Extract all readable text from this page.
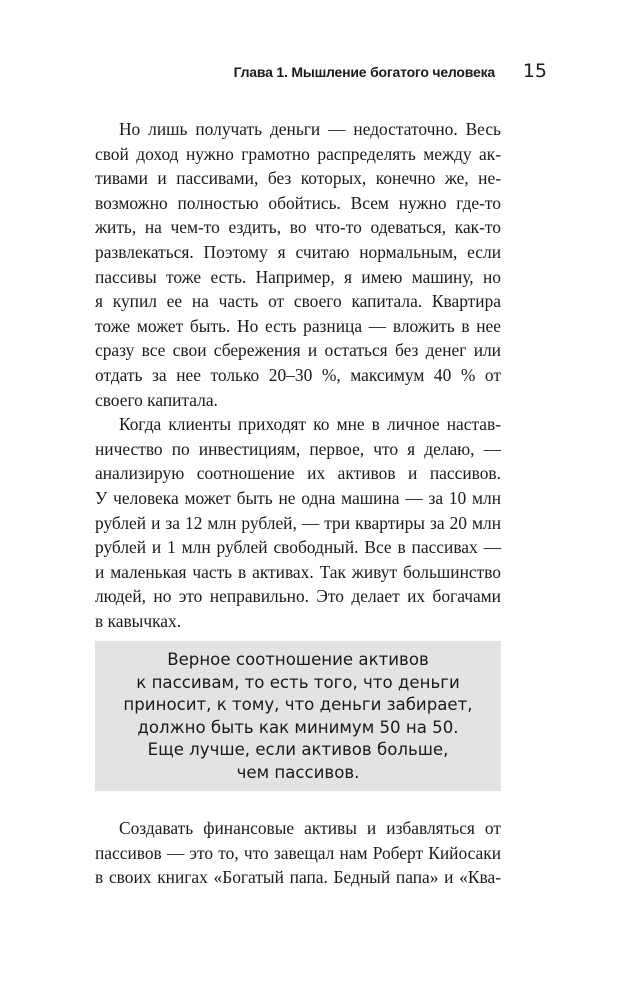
Глава 1. Мышление богатого человека 15
Но лишь получать деньги — недостаточно. Весь
свой доход нужно грамотно распределять между ак-
тивами и пассивами, без которых, конечно же, не-
возможно полностью обойтись. Всем нужно где-то
жить, на чем-то ездить, во что-то одеваться, как-то
развлекаться. Поэтому я считаю нормальным, если
пассивы тоже есть. Например, я имею машину, но
я купил ее на часть от своего капитала. Квартира
тоже может быть. Но есть разница — вложить в нее
сразу все свои сбережения и остаться без денег или
отдать за нее только 20–30 %, максимум 40 % от
своего капитала.
Когда клиенты приходят ко мне в личное настав-
ничество по инвестициям, первое, что я делаю, —
анализирую соотношение их активов и пассивов.
У человека может быть не одна машина — за 10 млн
рублей и за 12 млн рублей, — три квартиры за 20 млн
рублей и 1 млн рублей свободный. Все в пассивах —
и маленькая часть в активах. Так живут большинство
людей, но это неправильно. Это делает их богачами
в кавычках.
Верное соотношение активов
к пассивам, то есть того, что деньги
приносит, к тому, что деньги забирает,
должно быть как минимум 50 на 50.
Еще лучше, если активов больше,
чем пассивов.
Создавать финансовые активы и избавляться от
пассивов — это то, что завещал нам Роберт Кийосаки
в своих книгах «Богатый папа. Бедный папа» и «Ква-
